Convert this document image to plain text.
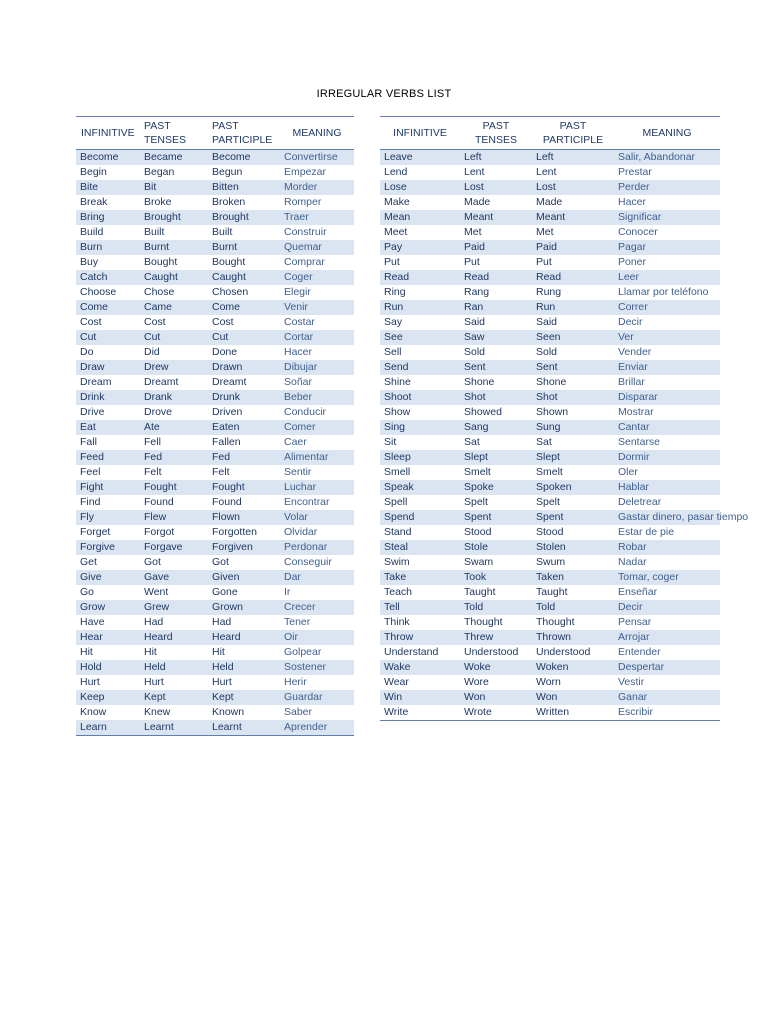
IRREGULAR VERBS LIST
INFINITIVE	PAST TENSES	PAST PARTICIPLE	MEANING
Become	Became	Become	Convertirse
Begin	Began	Begun	Empezar
Bite	Bit	Bitten	Morder
Break	Broke	Broken	Romper
Bring	Brought	Brought	Traer
Build	Built	Built	Construir
Burn	Burnt	Burnt	Quemar
Buy	Bought	Bought	Comprar
Catch	Caught	Caught	Coger
Choose	Chose	Chosen	Elegir
Come	Came	Come	Venir
Cost	Cost	Cost	Costar
Cut	Cut	Cut	Cortar
Do	Did	Done	Hacer
Draw	Drew	Drawn	Dibujar
Dream	Dreamt	Dreamt	Soñar
Drink	Drank	Drunk	Beber
Drive	Drove	Driven	Conducir
Eat	Ate	Eaten	Comer
Fall	Fell	Fallen	Caer
Feed	Fed	Fed	Alimentar
Feel	Felt	Felt	Sentir
Fight	Fought	Fought	Luchar
Find	Found	Found	Encontrar
Fly	Flew	Flown	Volar
Forget	Forgot	Forgotten	Olvidar
Forgive	Forgave	Forgiven	Perdonar
Get	Got	Got	Conseguir
Give	Gave	Given	Dar
Go	Went	Gone	Ir
Grow	Grew	Grown	Crecer
Have	Had	Had	Tener
Hear	Heard	Heard	Oir
Hit	Hit	Hit	Golpear
Hold	Held	Held	Sostener
Hurt	Hurt	Hurt	Herir
Keep	Kept	Kept	Guardar
Know	Knew	Known	Saber
Learn	Learnt	Learnt	Aprender
INFINITIVE	PAST TENSES	PAST PARTICIPLE	MEANING
Leave	Left	Left	Salir, Abandonar
Lend	Lent	Lent	Prestar
Lose	Lost	Lost	Perder
Make	Made	Made	Hacer
Mean	Meant	Meant	Significar
Meet	Met	Met	Conocer
Pay	Paid	Paid	Pagar
Put	Put	Put	Poner
Read	Read	Read	Leer
Ring	Rang	Rung	Llamar por teléfono
Run	Ran	Run	Correr
Say	Said	Said	Decir
See	Saw	Seen	Ver
Sell	Sold	Sold	Vender
Send	Sent	Sent	Enviar
Shine	Shone	Shone	Brillar
Shoot	Shot	Shot	Disparar
Show	Showed	Shown	Mostrar
Sing	Sang	Sung	Cantar
Sit	Sat	Sat	Sentarse
Sleep	Slept	Slept	Dormir
Smell	Smelt	Smelt	Oler
Speak	Spoke	Spoken	Hablar
Spell	Spelt	Spelt	Deletrear
Spend	Spent	Spent	Gastar dinero, pasar tiempo
Stand	Stood	Stood	Estar de pie
Steal	Stole	Stolen	Robar
Swim	Swam	Swum	Nadar
Take	Took	Taken	Tomar, coger
Teach	Taught	Taught	Enseñar
Tell	Told	Told	Decir
Think	Thought	Thought	Pensar
Throw	Threw	Thrown	Arrojar
Understand	Understood	Understood	Entender
Wake	Woke	Woken	Despertar
Wear	Wore	Worn	Vestir
Win	Won	Won	Ganar
Write	Wrote	Written	Escribir
